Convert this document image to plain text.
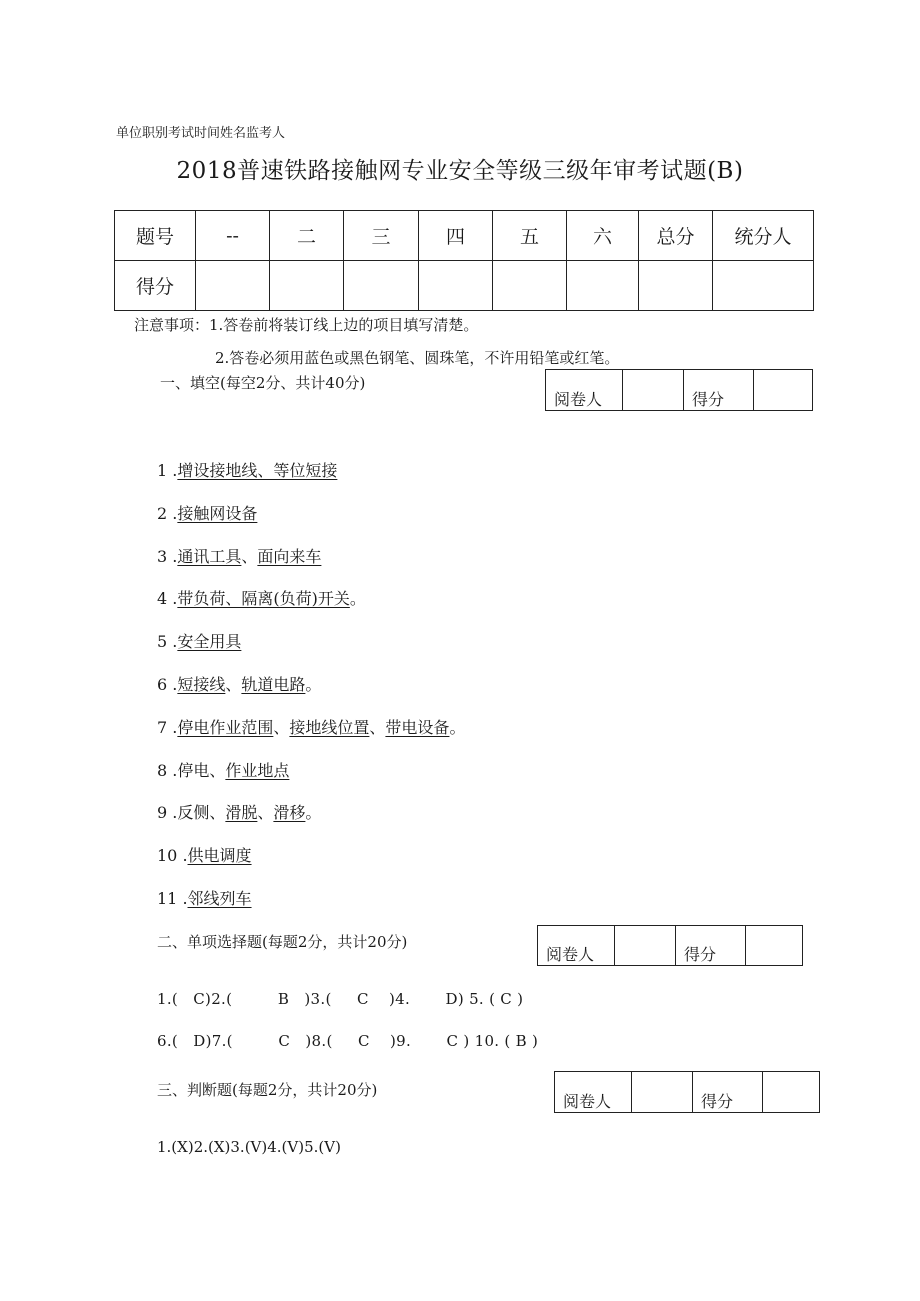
单位职别考试时间姓名监考人
2018普速铁路接触网专业安全等级三级年审考试题(B)
题号	--	二	三	四	五	六	总分	统分人
得分								
注意事项：1.答卷前将装订线上边的项目填写清楚。
2.答卷必须用蓝色或黑色钢笔、圆珠笔，不许用铅笔或红笔。
一、填空(每空2分、共计40分)
阅卷人		得分	
1 .增设接地线、等位短接
2 .接触网设备
3 .通讯工具、面向来车
4 .带负荷、隔离(负荷)开关。
5 .安全用具
6 .短接线、轨道电路。
7 .停电作业范围、接地线位置、带电设备。
8 .停电、作业地点
9 .反侧、滑脱、滑移。
10 .供电调度
11 .邻线列车
二、单项选择题(每题2分，共计20分)
阅卷人		得分	
1.(   C)2.(         B   )3.(     C    )4.       D) 5. ( C )
6.(   D)7.(         C   )8.(     C    )9.       C ) 10. ( B )
三、判断题(每题2分，共计20分)
阅卷人		得分	
1.(X)2.(X)3.(V)4.(V)5.(V)
